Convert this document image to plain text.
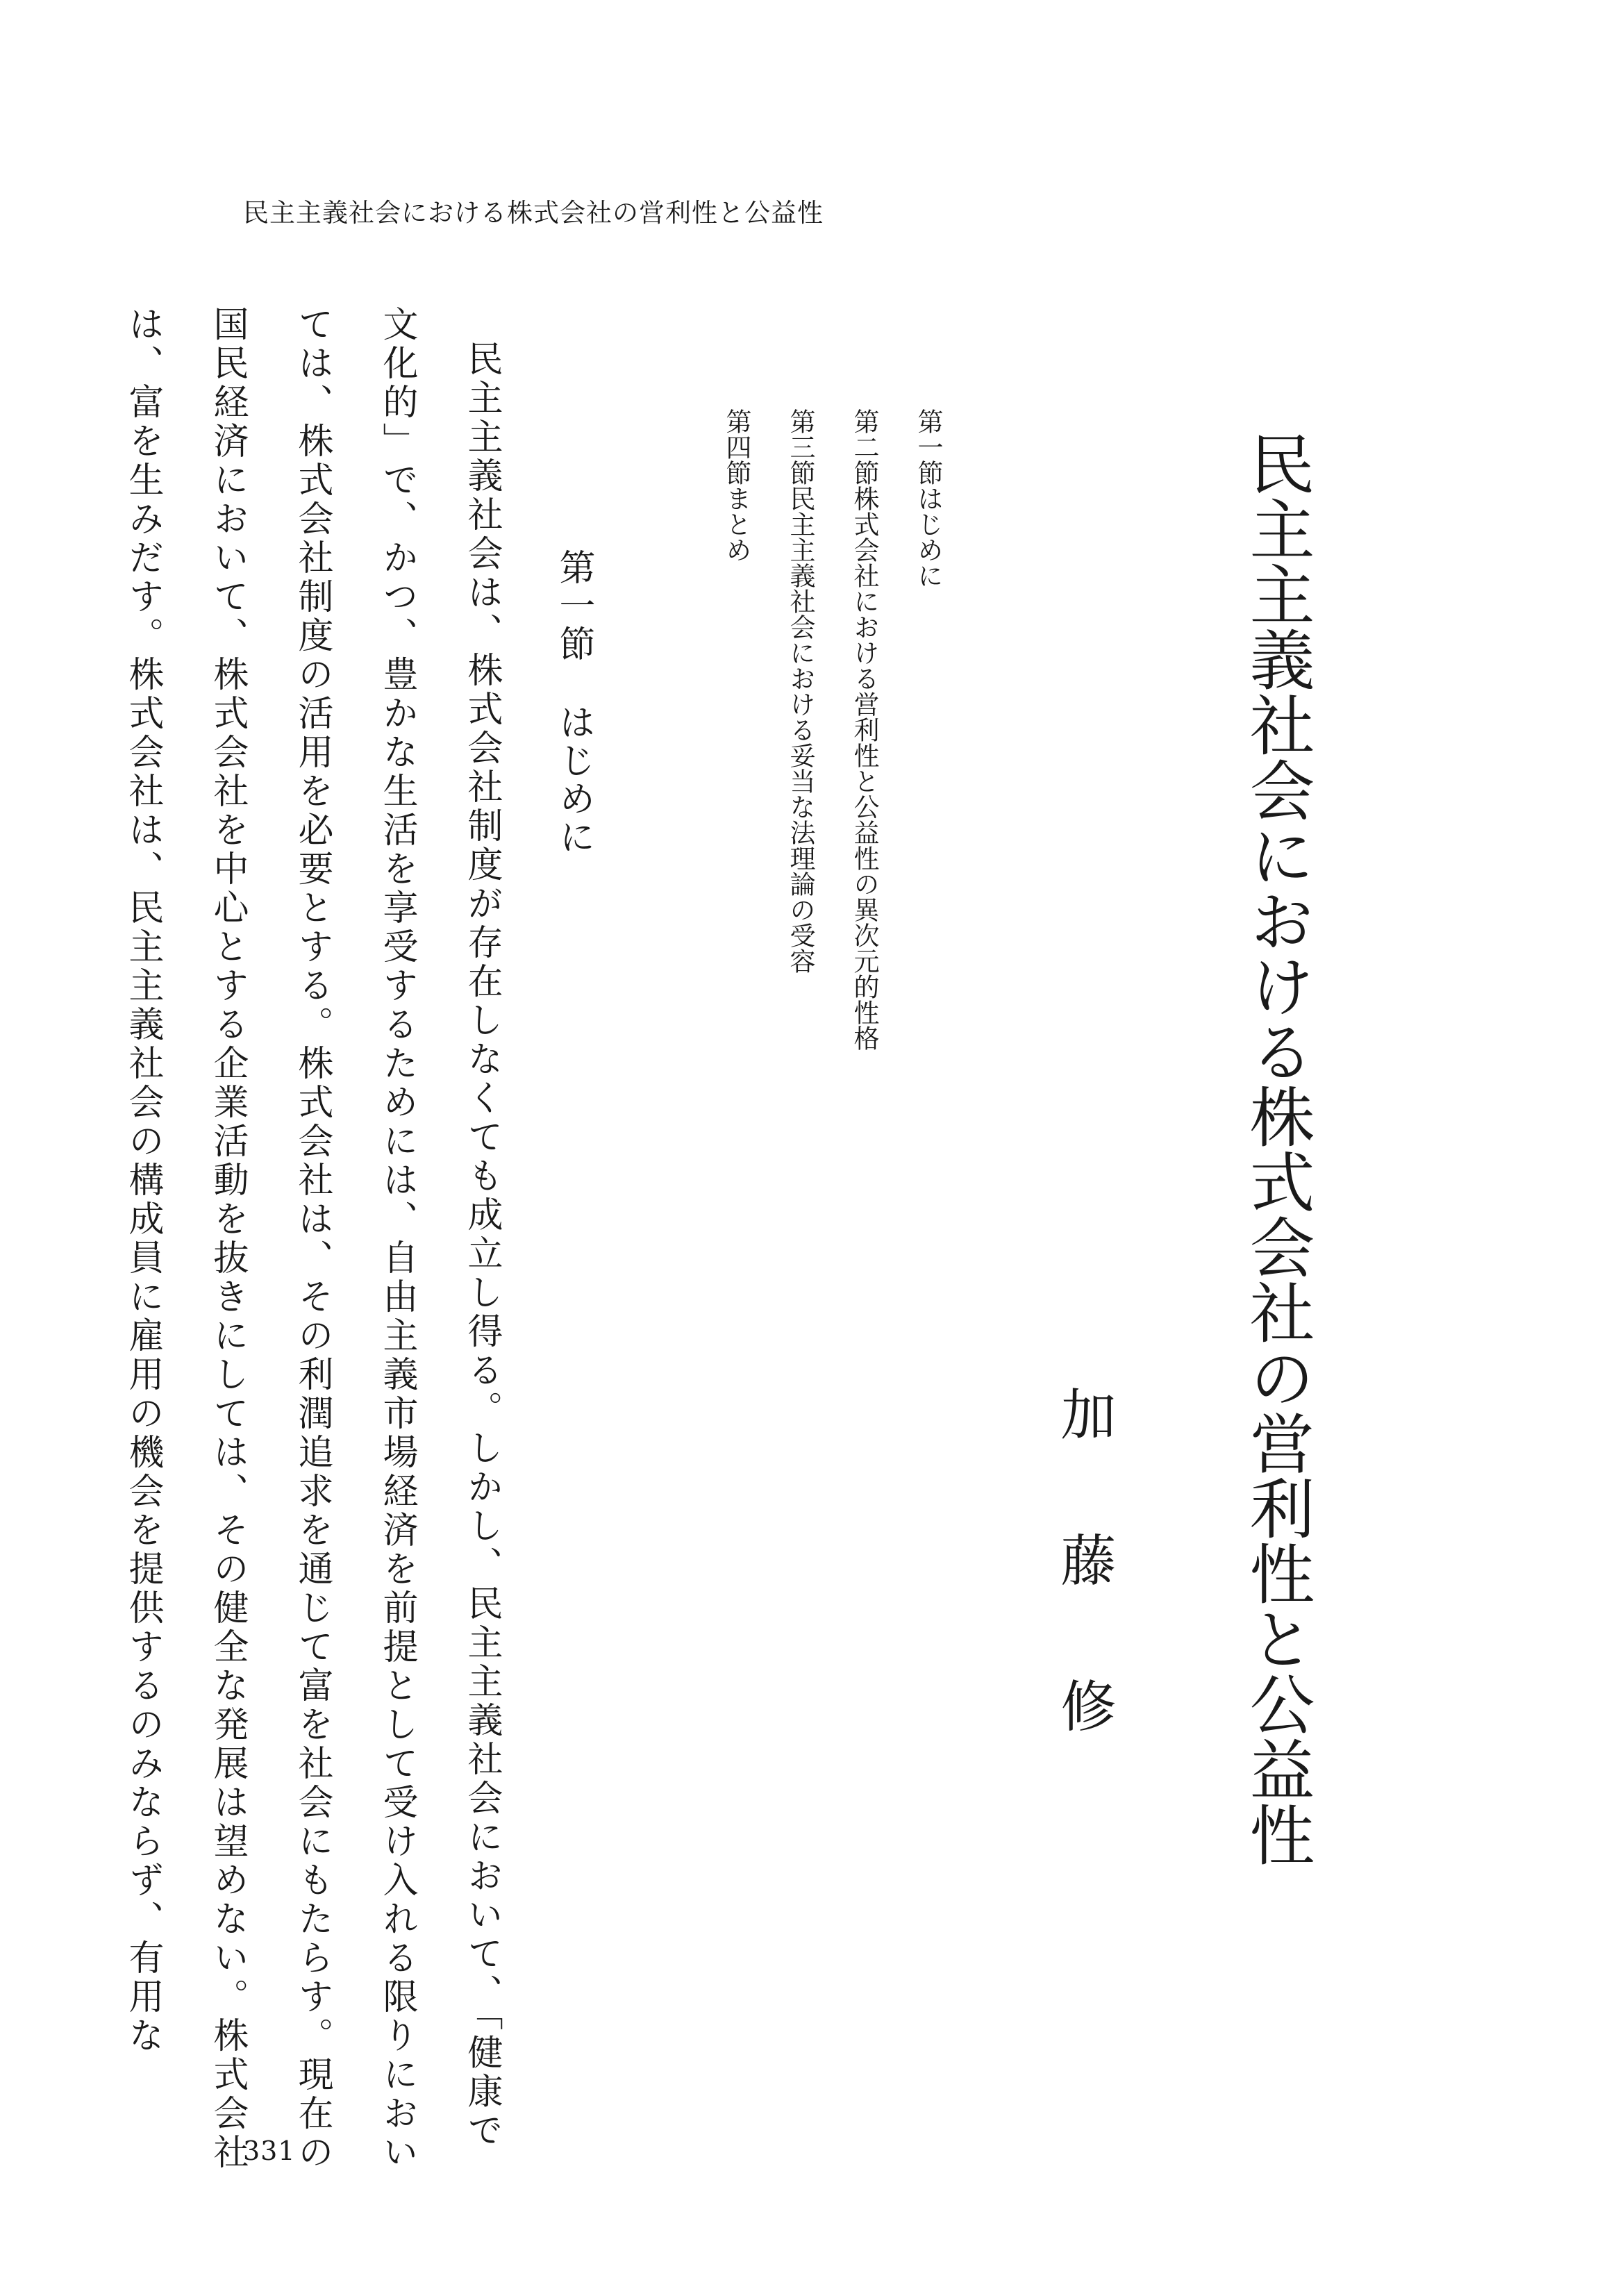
民主主義社会における株式会社の営利性と公益性
民主主義社会における株式会社の営利性と公益性
加藤修
第一節はじめに
第二節株式会社における営利性と公益性の異次元的性格
第三節民主主義社会における妥当な法理論の受容
第四節まとめ
第一節はじめに
民主主義社会は、株式会社制度が存在しなくても成立し得る。しかし、民主主義社会において、「健康で文化的」で、かつ、豊かな生活を享受するためには、自由主義市場経済を前提として受け入れる限りにおいては、株式会社制度の活用を必要とする。株式会社は、その利潤追求を通じて富を社会にもたらす。現在の国民経済において、株式会社を中心とする企業活動を抜きにしては、その健全な発展は望めない。株式会社は、富を生みだす。株式会社は、民主主義社会の構成員に雇用の機会を提供するのみならず、有用な
331
